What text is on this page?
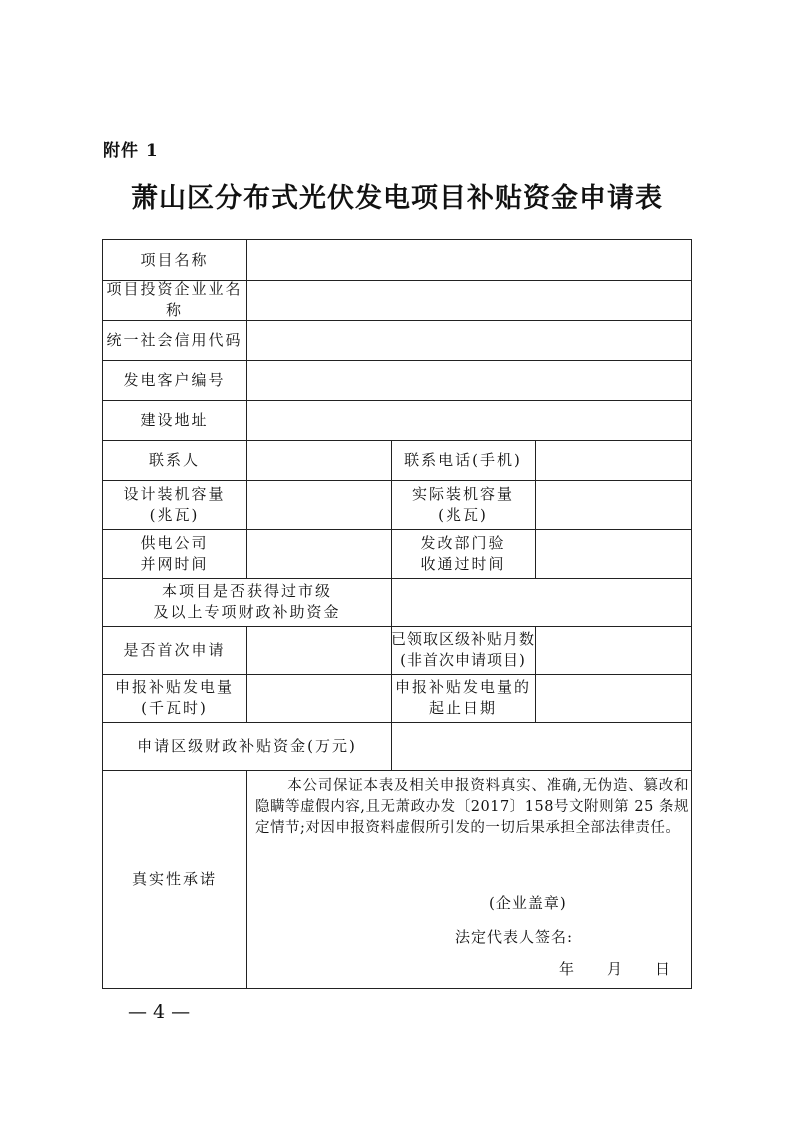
附件 1
萧山区分布式光伏发电项目补贴资金申请表
项目名称
项目投资企业业名称
统一社会信用代码
发电客户编号
建设地址
联系人	联系电话(手机)
设计装机容量
(兆瓦)
实际装机容量
(兆瓦)
供电公司
并网时间
发改部门验
收通过时间
本项目是否获得过市级
及以上专项财政补助资金
是否首次申请
已领取区级补贴月数
(非首次申请项目)
申报补贴发电量
(千瓦时)
申报补贴发电量的
起止日期
申请区级财政补贴资金(万元)
真实性承诺
本公司保证本表及相关申报资料真实、准确,无伪造、篡改和隐瞒等虚假内容,且无萧政办发〔2017〕158号文附则第 25 条规定情节;对因申报资料虚假所引发的一切后果承担全部法律责任。
(企业盖章)
法定代表人签名:
年 月 日
— 4 —
